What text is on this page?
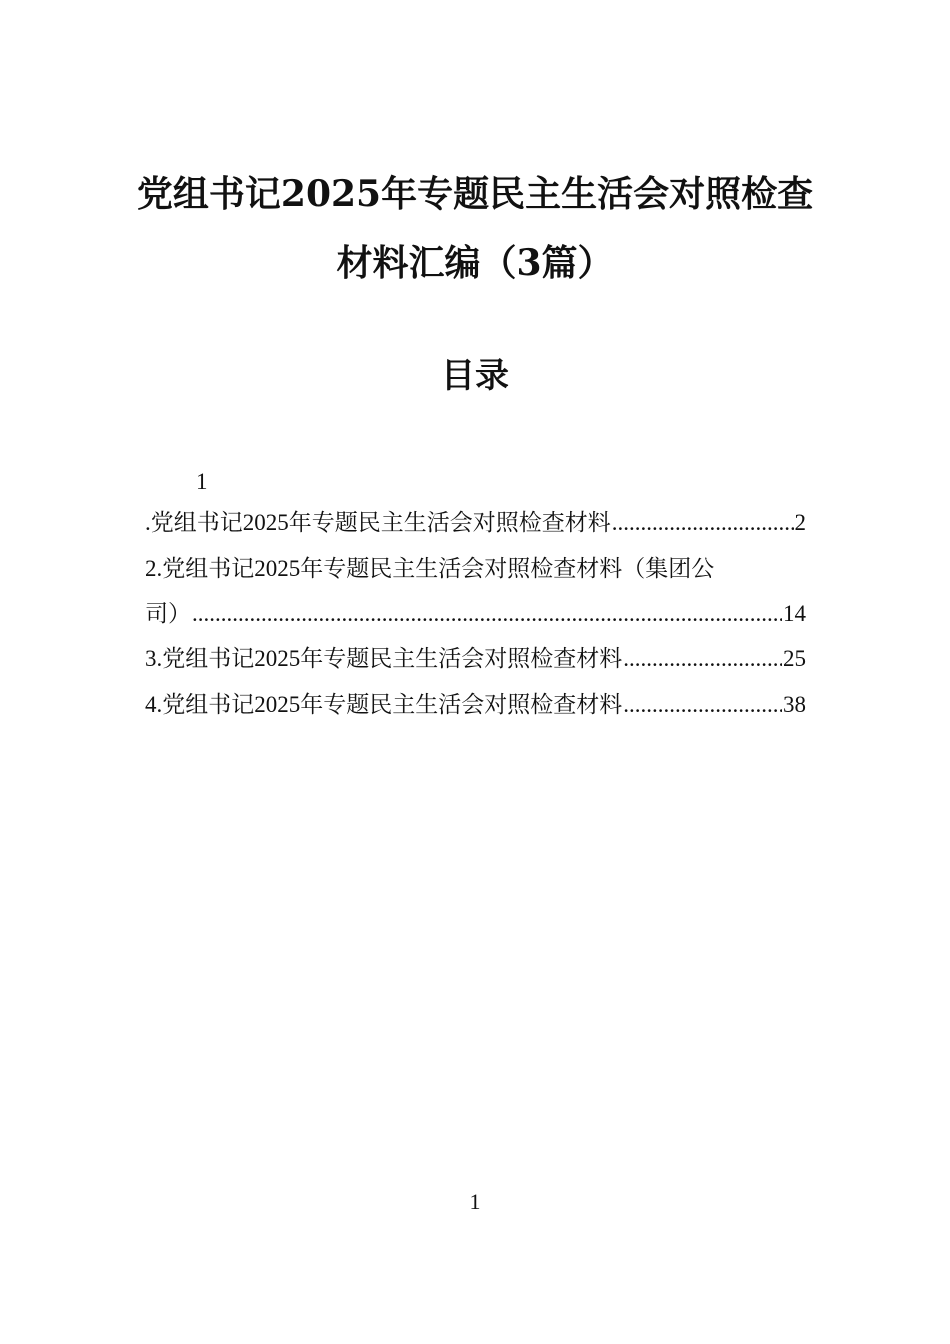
党组书记2025年专题民主生活会对照检查
材料汇编（3篇）
目录
1
.党组书记2025年专题民主生活会对照检查材料 .....	2
2.党组书记2025年专题民主生活会对照检查材料（集团公
司） .....	14
3.党组书记2025年专题民主生活会对照检查材料 .....	25
4.党组书记2025年专题民主生活会对照检查材料 .....	38
1
